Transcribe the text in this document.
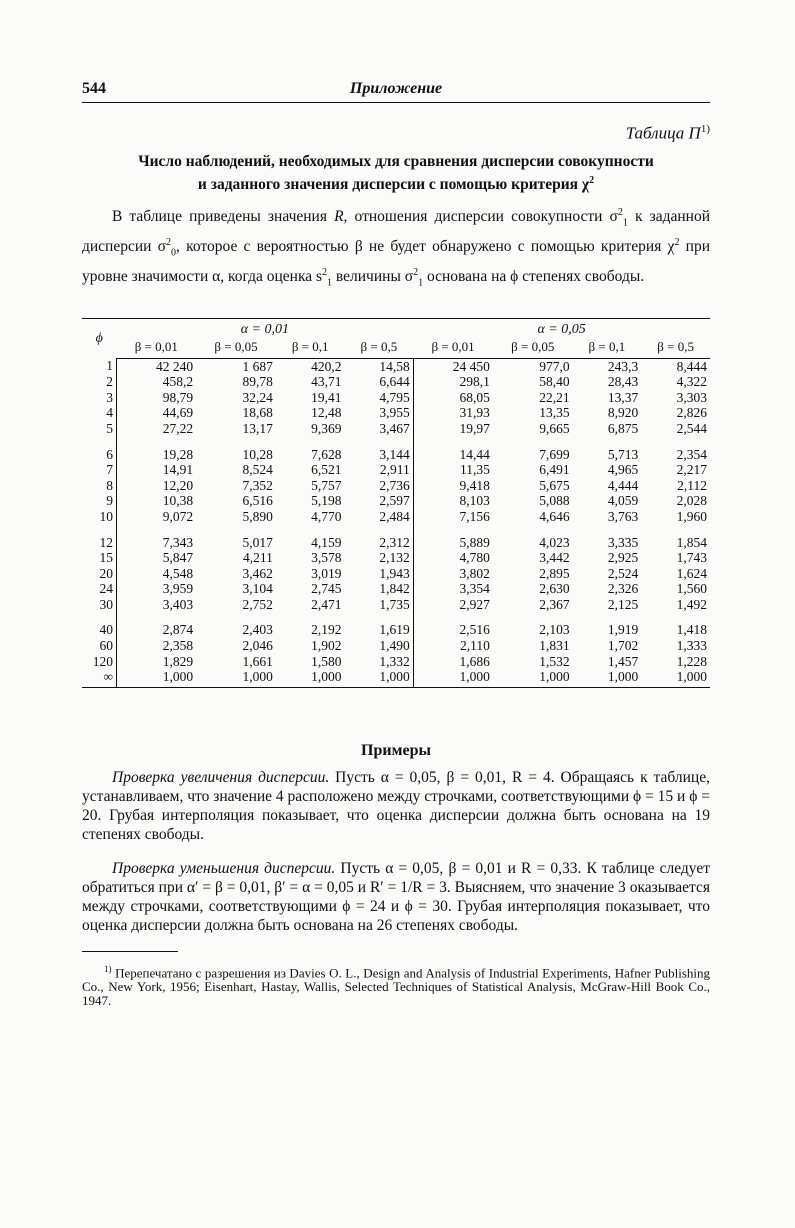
544	Приложение
Таблица $П^{1)}$
Число наблюдений, необходимых для сравнения дисперсии совокупности
и заданного значения дисперсии с помощью критерия $\chi^2$

В таблице приведены значения R, отношения дисперсии совокупности $\sigma^2_1$ к заданной дисперсии $\sigma^2_0$, которое с вероятностью β не будет обнаружено с помощью критерия $\chi^2$ при уровне значимости α, когда оценка $s^2_1$ величины $\sigma^2_1$ основана на ϕ степенях свободы.

ϕ	α = 0,01				α = 0,05			
	β = 0,01	β = 0,05	β = 0,1	β = 0,5	β = 0,01	β = 0,05	β = 0,1	β = 0,5
1	42 240	1 687	420,2	14,58	24 450	977,0	243,3	8,444
2	458,2	89,78	43,71	6,644	298,1	58,40	28,43	4,322
3	98,79	32,24	19,41	4,795	68,05	22,21	13,37	3,303
4	44,69	18,68	12,48	3,955	31,93	13,35	8,920	2,826
5	27,22	13,17	9,369	3,467	19,97	9,665	6,875	2,544

6	19,28	10,28	7,628	3,144	14,44	7,699	5,713	2,354
7	14,91	8,524	6,521	2,911	11,35	6,491	4,965	2,217
8	12,20	7,352	5,757	2,736	9,418	5,675	4,444	2,112
9	10,38	6,516	5,198	2,597	8,103	5,088	4,059	2,028
10	9,072	5,890	4,770	2,484	7,156	4,646	3,763	1,960

12	7,343	5,017	4,159	2,312	5,889	4,023	3,335	1,854
15	5,847	4,211	3,578	2,132	4,780	3,442	2,925	1,743
20	4,548	3,462	3,019	1,943	3,802	2,895	2,524	1,624
24	3,959	3,104	2,745	1,842	3,354	2,630	2,326	1,560
30	3,403	2,752	2,471	1,735	2,927	2,367	2,125	1,492

40	2,874	2,403	2,192	1,619	2,516	2,103	1,919	1,418
60	2,358	2,046	1,902	1,490	2,110	1,831	1,702	1,333
120	1,829	1,661	1,580	1,332	1,686	1,532	1,457	1,228
∞	1,000	1,000	1,000	1,000	1,000	1,000	1,000	1,000
Примеры

Проверка увеличения дисперсии. Пусть α = 0,05, β = 0,01, R = 4. Обращаясь к таблице, устанавливаем, что значение 4 расположено между строчками, соответствующими ϕ = 15 и ϕ = 20. Грубая интерполяция показывает, что оценка дисперсии должна быть основана на 19 степенях свободы.

Проверка уменьшения дисперсии. Пусть α = 0,05, β = 0,01 и R = 0,33. К таблице следует обратиться при α′ = β = 0,01, β′ = α = 0,05 и R′ = 1/R = 3. Выясняем, что значение 3 оказывается между строчками, соответствующими ϕ = 24 и ϕ = 30. Грубая интерполяция показывает, что оценка дисперсии должна быть основана на 26 степенях свободы.

$^{1)}$ Перепечатано с разрешения из Davies O. L., Design and Analysis of Industrial Experiments, Hafner Publishing Co., New York, 1956; Eisenhart, Hastay, Wallis, Selected Techniques of Statistical Analysis, McGraw-Hill Book Co., 1947.
